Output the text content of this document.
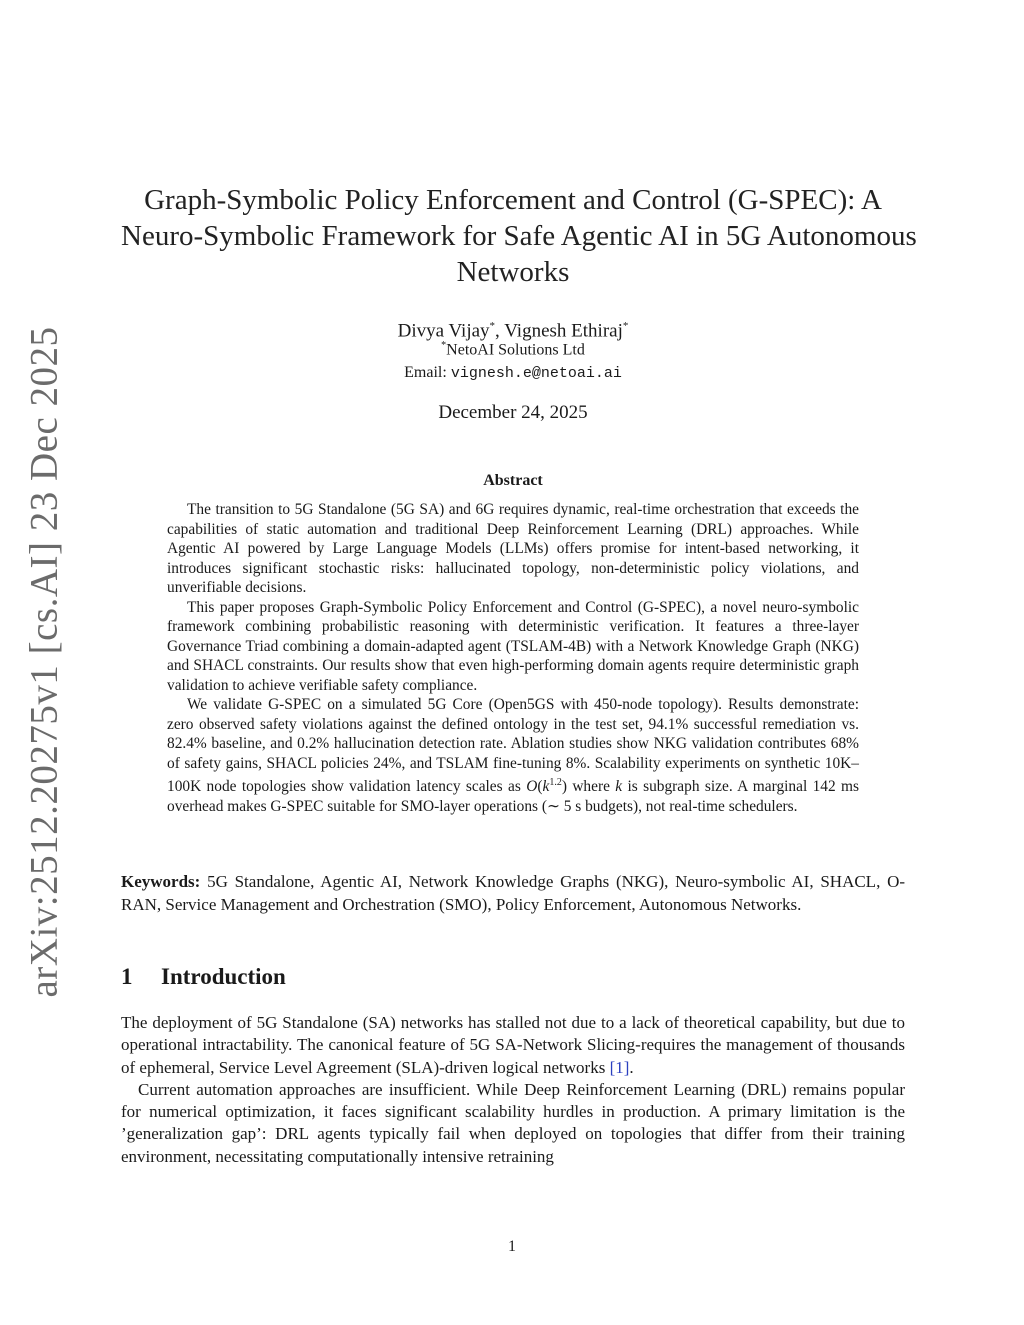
arXiv:2512.20275v1 [cs.AI] 23 Dec 2025
Graph-Symbolic Policy Enforcement and Control (G-SPEC): A
Neuro-Symbolic Framework for Safe Agentic AI in 5G Autonomous
Networks
Divya Vijay*, Vignesh Ethiraj*
*NetoAI Solutions Ltd
Email: vignesh.e@netoai.ai
December 24, 2025
Abstract

The transition to 5G Standalone (5G SA) and 6G requires dynamic, real-time orchestration that exceeds the capabilities of static automation and traditional Deep Reinforcement Learning (DRL) approaches. While Agentic AI powered by Large Language Models (LLMs) offers promise for intent-based networking, it introduces significant stochastic risks: hallucinated topology, non-deterministic policy violations, and unverifiable decisions.

This paper proposes Graph-Symbolic Policy Enforcement and Control (G-SPEC), a novel neuro-symbolic framework combining probabilistic reasoning with deterministic verification. It features a three-layer Governance Triad combining a domain-adapted agent (TSLAM-4B) with a Network Knowledge Graph (NKG) and SHACL constraints. Our results show that even high-performing domain agents require deterministic graph validation to achieve verifiable safety compliance.

We validate G-SPEC on a simulated 5G Core (Open5GS with 450-node topology). Results demonstrate: zero observed safety violations against the defined ontology in the test set, 94.1% successful remediation vs. 82.4% baseline, and 0.2% hallucination detection rate. Ablation studies show NKG validation contributes 68% of safety gains, SHACL policies 24%, and TSLAM fine-tuning 8%. Scalability experiments on synthetic 10K–100K node topologies show validation latency scales as $O(k^{1.2})$ where k is subgraph size. A marginal 142 ms overhead makes G-SPEC suitable for SMO-layer operations (∼ 5 s budgets), not real-time schedulers.

Keywords: 5G Standalone, Agentic AI, Network Knowledge Graphs (NKG), Neuro-symbolic AI, SHACL, O-RAN, Service Management and Orchestration (SMO), Policy Enforcement, Autonomous Networks.
1 Introduction

The deployment of 5G Standalone (SA) networks has stalled not due to a lack of theoretical capability, but due to operational intractability. The canonical feature of 5G SA-Network Slicing-requires the management of thousands of ephemeral, Service Level Agreement (SLA)-driven logical networks [1].

Current automation approaches are insufficient. While Deep Reinforcement Learning (DRL) remains popular for numerical optimization, it faces significant scalability hurdles in production. A primary limitation is the ’generalization gap’: DRL agents typically fail when deployed on topologies that differ from their training environment, necessitating computationally intensive retraining

1
